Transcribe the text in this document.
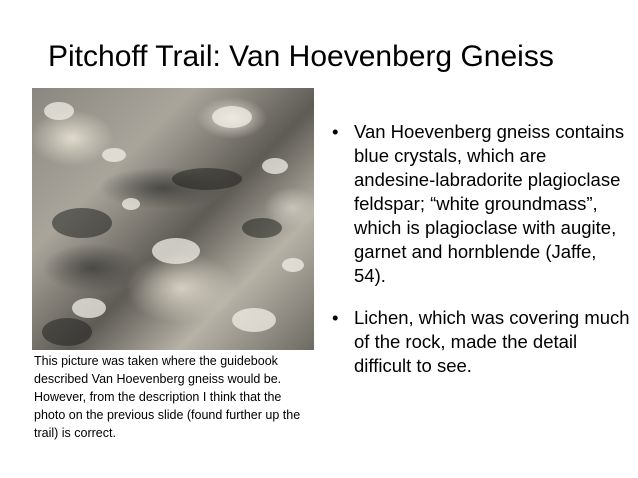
Pitchoff Trail: Van Hoevenberg Gneiss
This picture was taken where the guidebook described Van Hoevenberg gneiss would be. However, from the description I think that the photo on the previous slide (found further up the trail) is correct.
• Van Hoevenberg gneiss contains blue crystals, which are andesine-labradorite plagioclase feldspar; “white groundmass”, which is plagioclase with augite, garnet and hornblende (Jaffe, 54).
• Lichen, which was covering much of the rock, made the detail difficult to see.
